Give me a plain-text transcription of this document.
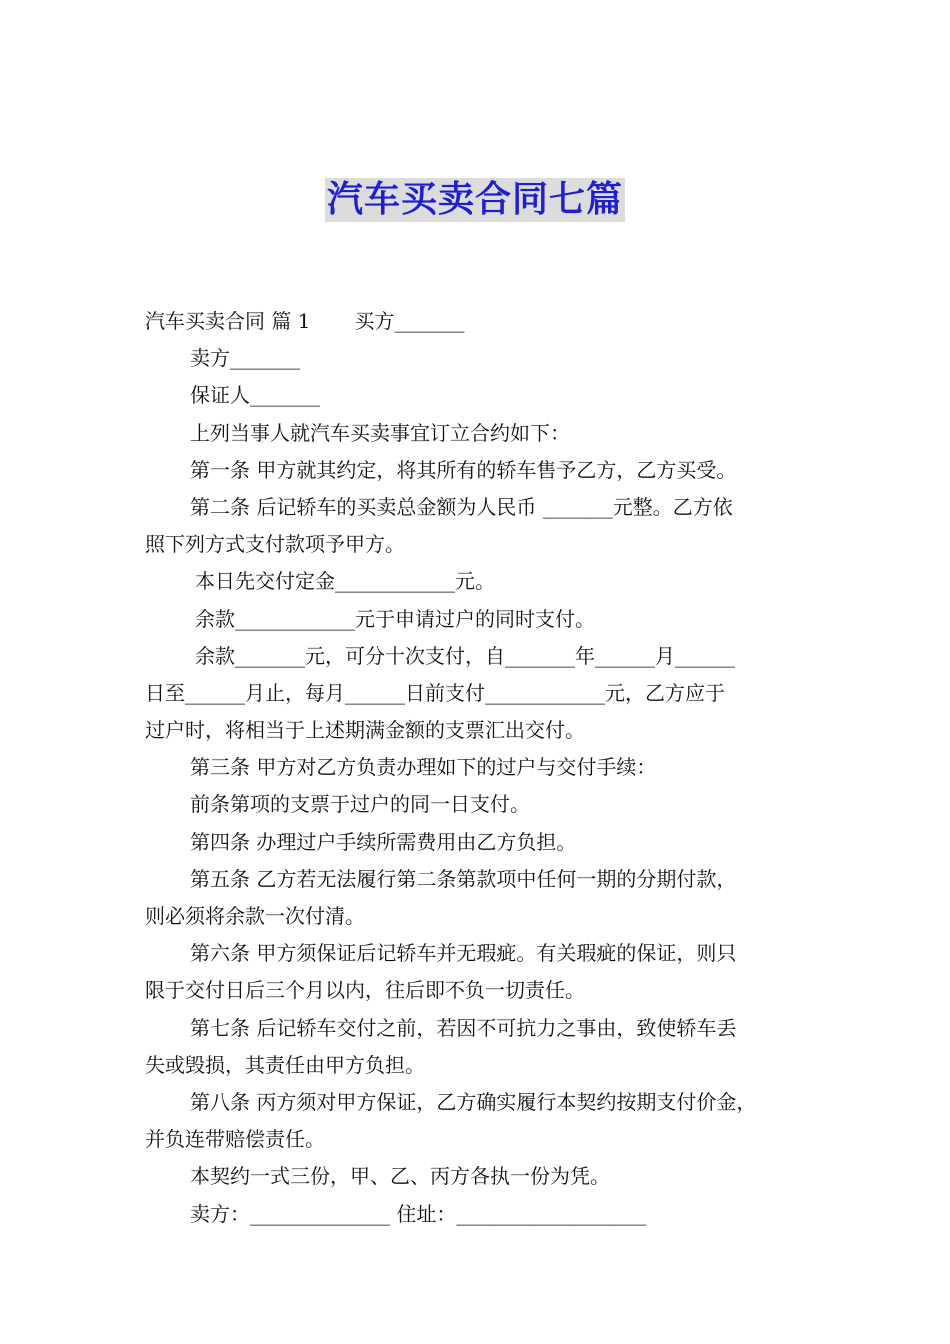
汽车买卖合同七篇
汽车买卖合同 篇 1 买方_______
卖方_______
保证人_______
上列当事人就汽车买卖事宜订立合约如下：
第一条 甲方就其约定，将其所有的轿车售予乙方，乙方买受。
第二条 后记轿车的买卖总金额为人民币 _______元整。乙方依
照下列方式支付款项予甲方。
本日先交付定金____________元。
余款____________元于申请过户的同时支付。
余款_______元，可分十次支付，自_______年______月______
日至______月止，每月______日前支付____________元，乙方应于
过户时，将相当于上述期满金额的支票汇出交付。
第三条 甲方对乙方负责办理如下的过户与交付手续：
前条第项的支票于过户的同一日支付。
第四条 办理过户手续所需费用由乙方负担。
第五条 乙方若无法履行第二条第款项中任何一期的分期付款，
则必须将余款一次付清。
第六条 甲方须保证后记轿车并无瑕疵。有关瑕疵的保证，则只
限于交付日后三个月以内，往后即不负一切责任。
第七条 后记轿车交付之前，若因不可抗力之事由，致使轿车丢
失或毁损，其责任由甲方负担。
第八条 丙方须对甲方保证，乙方确实履行本契约按期支付价金，
并负连带赔偿责任。
本契约一式三份，甲、乙、丙方各执一份为凭。
卖方：______________ 住址：___________________
